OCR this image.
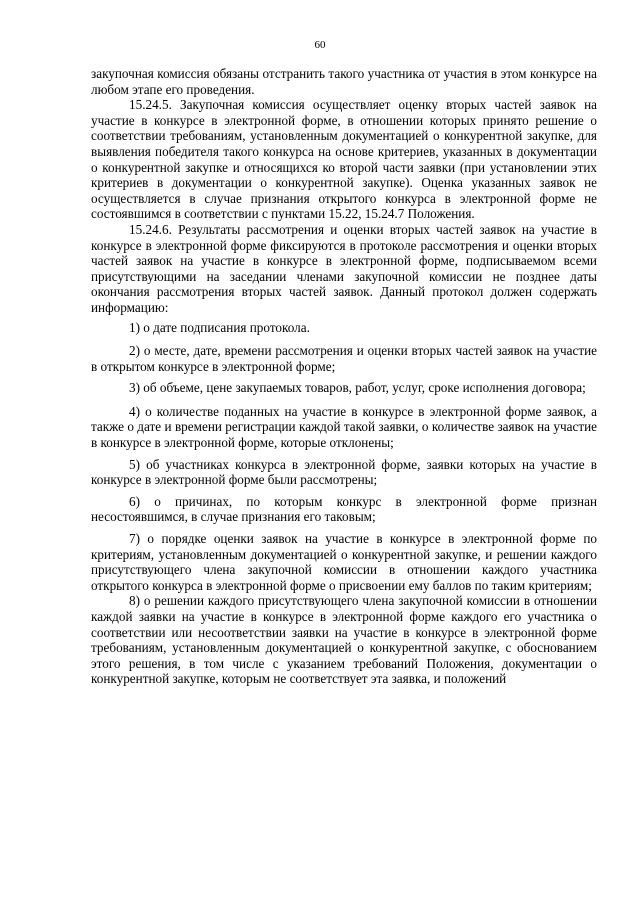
60

закупочная комиссия обязаны отстранить такого участника от участия в этом конкурсе на любом этапе его проведения.

15.24.5. Закупочная комиссия осуществляет оценку вторых частей заявок на участие в конкурсе в электронной форме, в отношении которых принято решение о соответствии требованиям, установленным документацией о конкурентной закупке, для выявления победителя такого конкурса на основе критериев, указанных в документации о конкурентной закупке и относящихся ко второй части заявки (при установлении этих критериев в документации о конкурентной закупке). Оценка указанных заявок не осуществляется в случае признания открытого конкурса в электронной форме не состоявшимся в соответствии с пунктами 15.22, 15.24.7 Положения.

15.24.6. Результаты рассмотрения и оценки вторых частей заявок на участие в конкурсе в электронной форме фиксируются в протоколе рассмотрения и оценки вторых частей заявок на участие в конкурсе в электронной форме, подписываемом всеми присутствующими на заседании членами закупочной комиссии не позднее даты окончания рассмотрения вторых частей заявок. Данный протокол должен содержать информацию:

1) о дате подписания протокола.

2) о месте, дате, времени рассмотрения и оценки вторых частей заявок на участие в открытом конкурсе в электронной форме;

3) об объеме, цене закупаемых товаров, работ, услуг, сроке исполнения договора;

4) о количестве поданных на участие в конкурсе в электронной форме заявок, а также о дате и времени регистрации каждой такой заявки, о количестве заявок на участие в конкурсе в электронной форме, которые отклонены;

5) об участниках конкурса в электронной форме, заявки которых на участие в конкурсе в электронной форме были рассмотрены;

6) о причинах, по которым конкурс в электронной форме признан несостоявшимся, в случае признания его таковым;

7) о порядке оценки заявок на участие в конкурсе в электронной форме по критериям, установленным документацией о конкурентной закупке, и решении каждого присутствующего члена закупочной комиссии в отношении каждого участника открытого конкурса в электронной форме о присвоении ему баллов по таким критериям;

8) о решении каждого присутствующего члена закупочной комиссии в отношении каждой заявки на участие в конкурсе в электронной форме каждого его участника о соответствии или несоответствии заявки на участие в конкурсе в электронной форме требованиям, установленным документацией о конкурентной закупке, с обоснованием этого решения, в том числе с указанием требований Положения, документации о конкурентной закупке, которым не соответствует эта заявка, и положений
